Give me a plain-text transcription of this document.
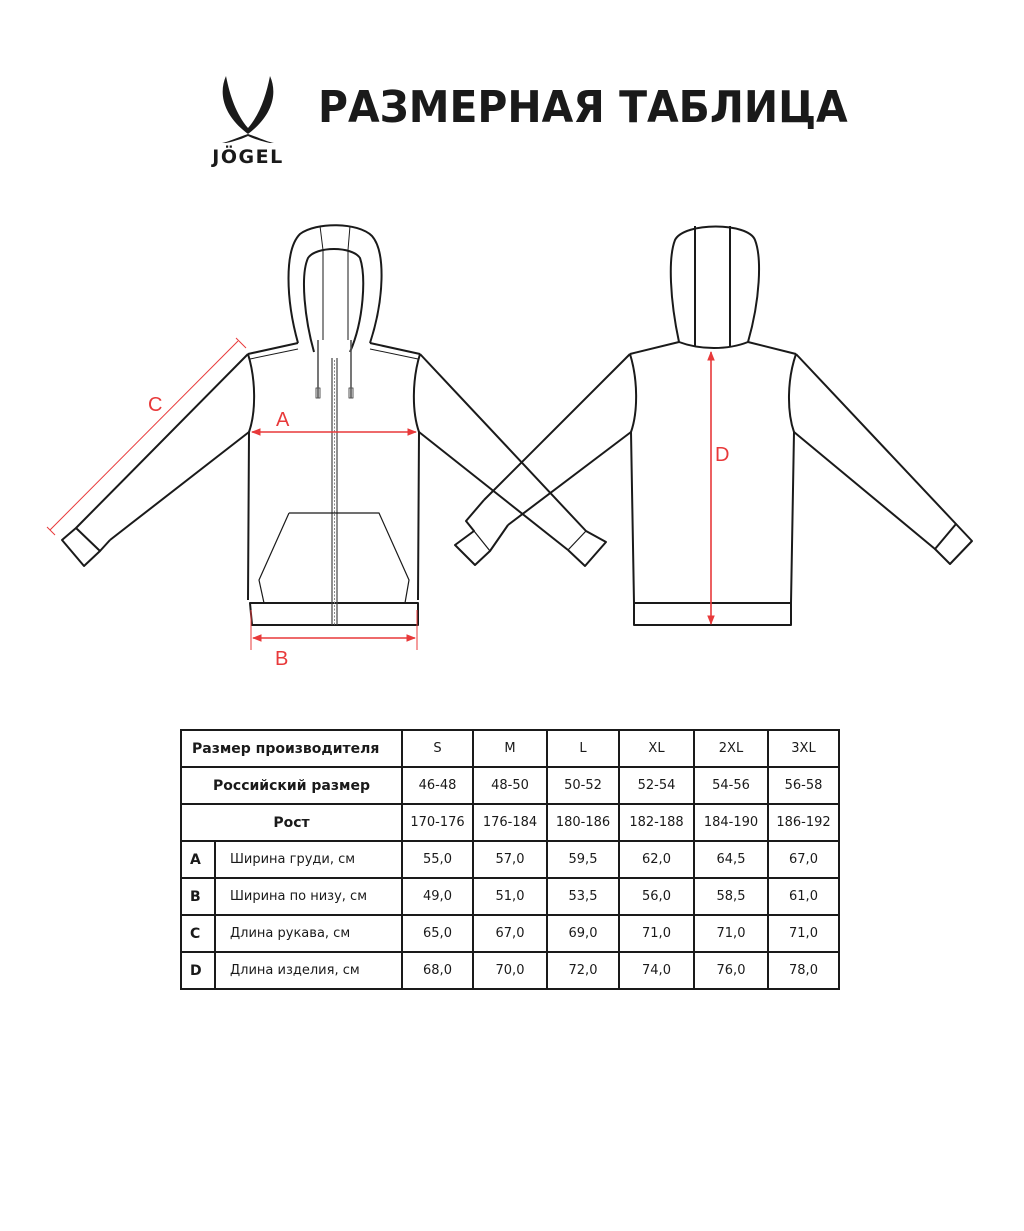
JÖGEL
РАЗМЕРНАЯ ТАБЛИЦА
A
B
C
D
Размер производителя		S	M	L	XL	2XL	3XL
Российский размер		46-48	48-50	50-52	52-54	54-56	56-58
Рост		170-176	176-184	180-186	182-188	184-190	186-192
A	Ширина груди, см	55,0	57,0	59,5	62,0	64,5	67,0
B	Ширина по низу, см	49,0	51,0	53,5	56,0	58,5	61,0
C	Длина рукава, см	65,0	67,0	69,0	71,0	71,0	71,0
D	Длина изделия, см	68,0	70,0	72,0	74,0	76,0	78,0
